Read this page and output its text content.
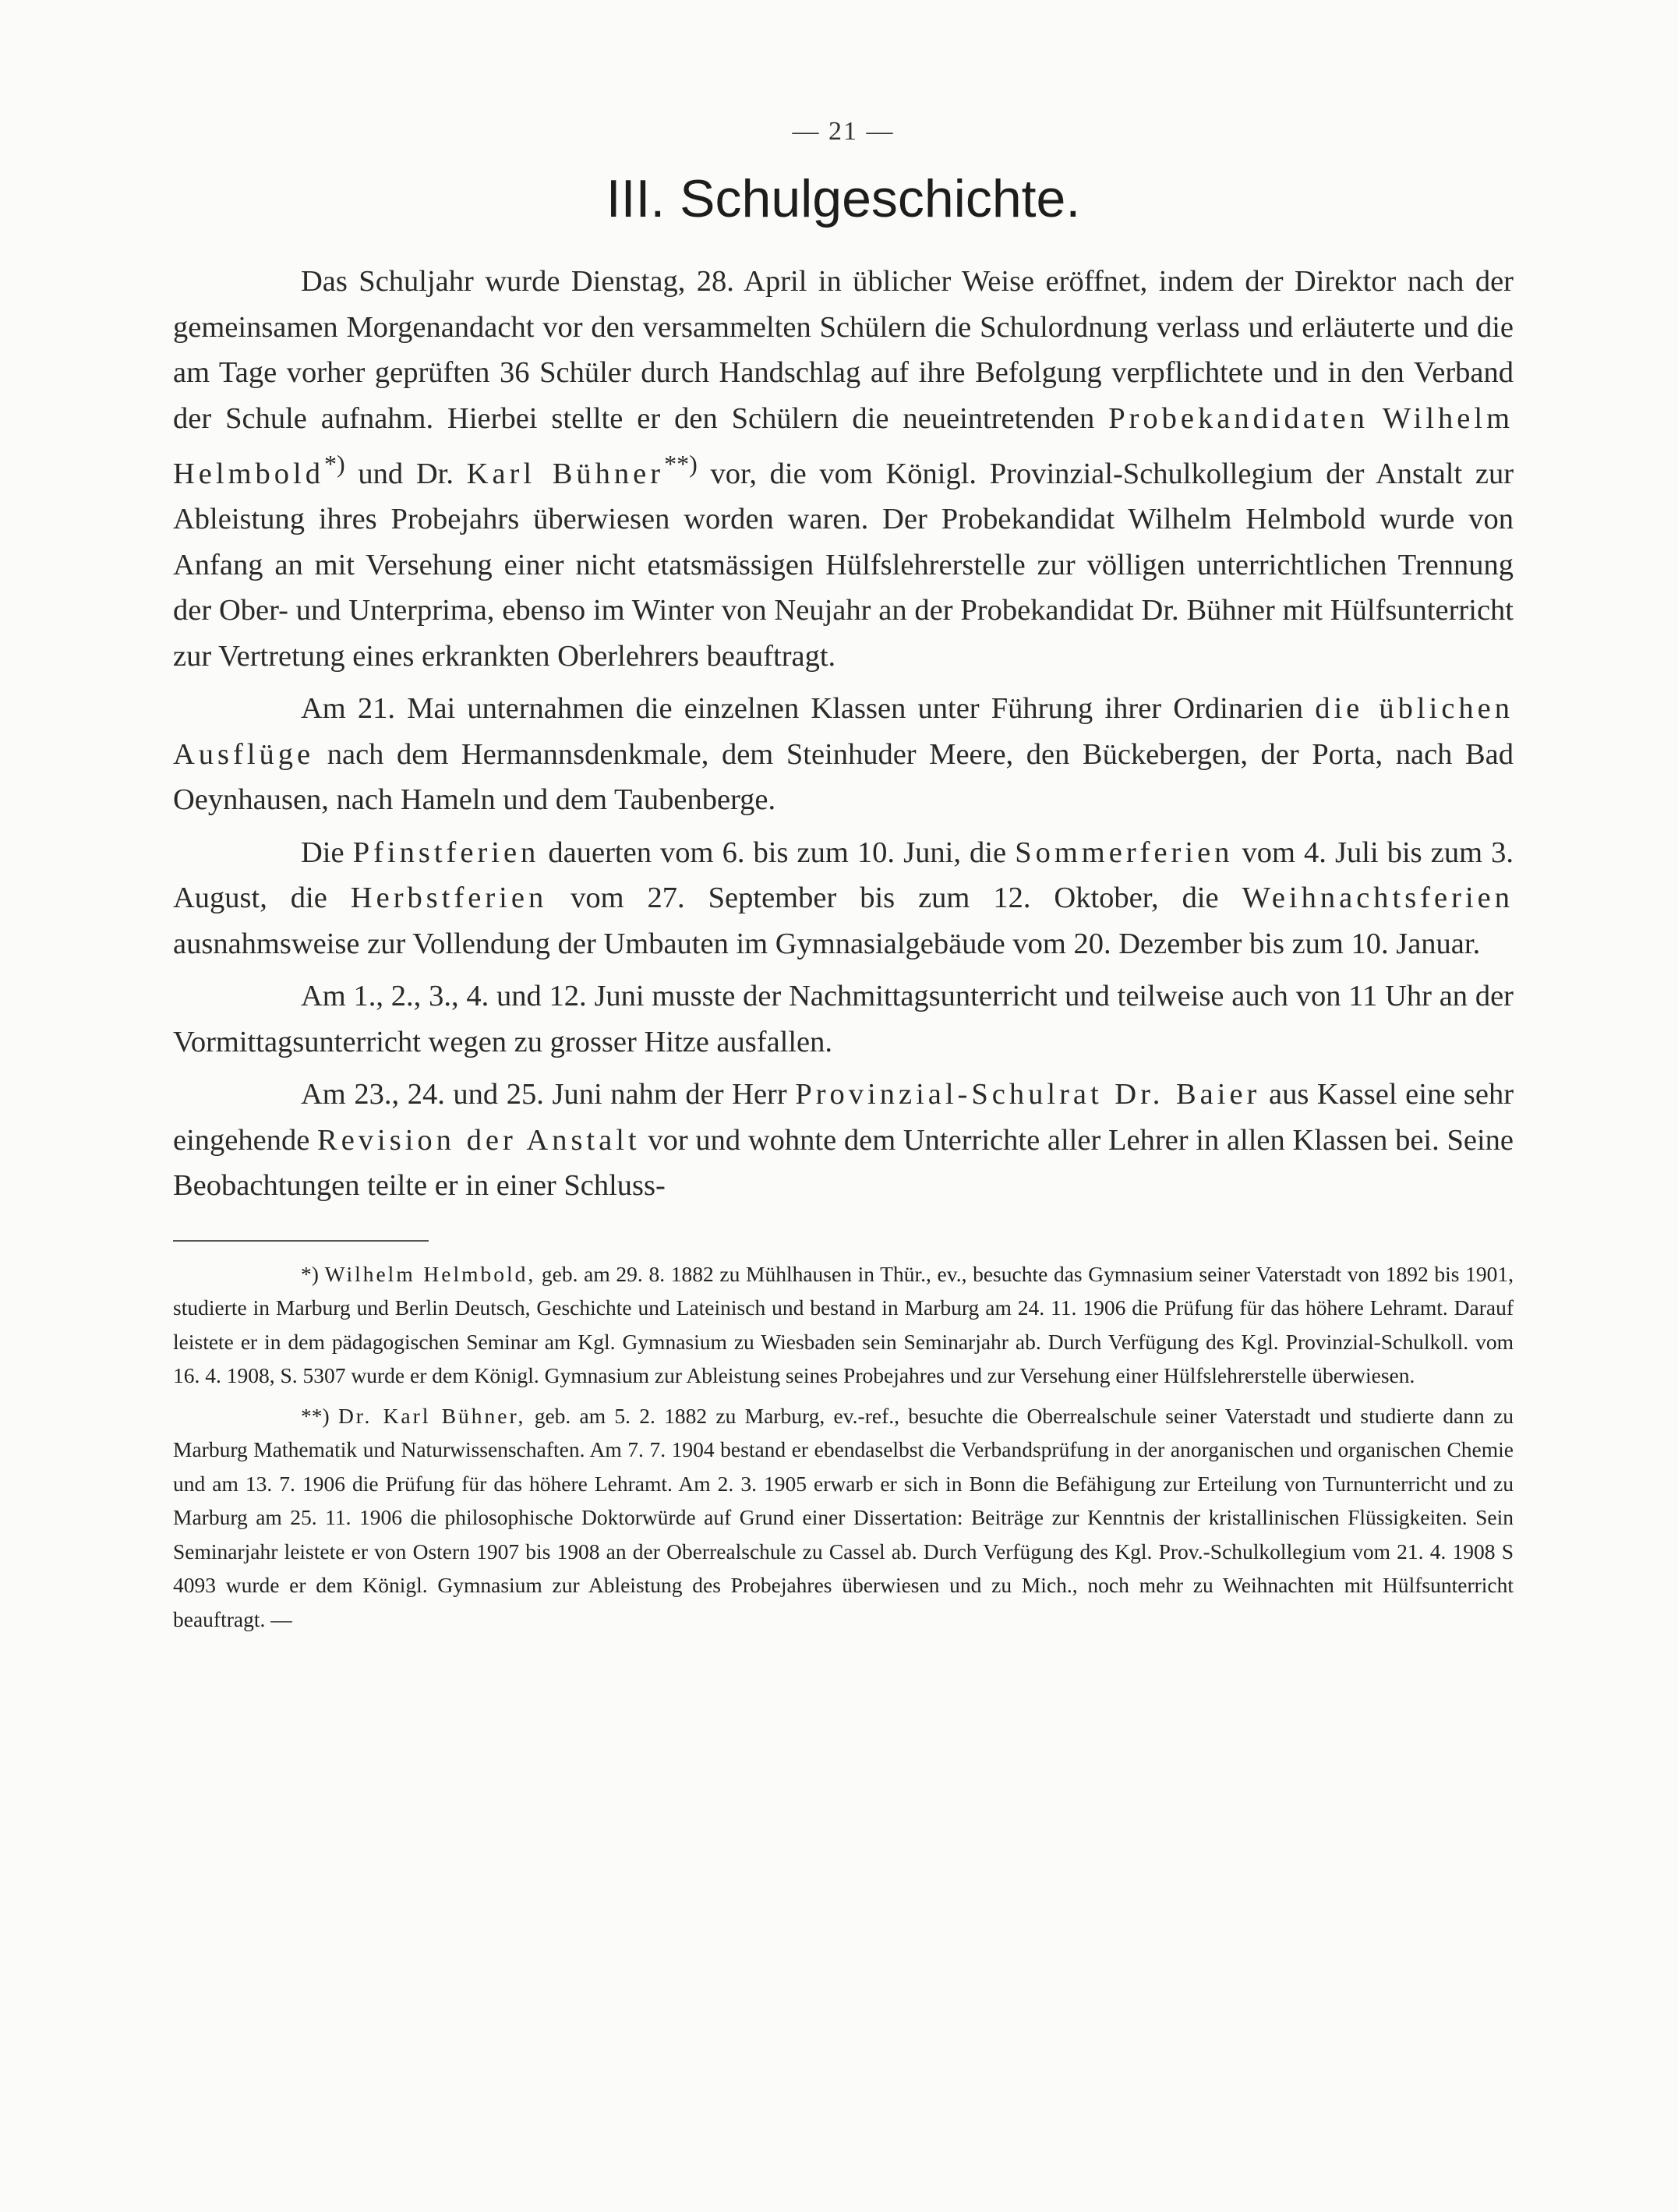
— 21 —
III. Schulgeschichte.

Das Schuljahr wurde Dienstag, 28. April in üblicher Weise eröffnet, indem der Direktor nach der gemeinsamen Morgenandacht vor den versammelten Schülern die Schulordnung verlass und erläuterte und die am Tage vorher geprüften 36 Schüler durch Handschlag auf ihre Befolgung verpflichtete und in den Verband der Schule aufnahm. Hierbei stellte er den Schülern die neueintretenden Probekandidaten Wilhelm Helmbold*) und Dr. Karl Bühner**) vor, die vom Königl. Provinzial-Schulkollegium der Anstalt zur Ableistung ihres Probejahrs überwiesen worden waren. Der Probekandidat Wilhelm Helmbold wurde von Anfang an mit Versehung einer nicht etatsmässigen Hülfslehrerstelle zur völligen unterrichtlichen Trennung der Ober- und Unterprima, ebenso im Winter von Neujahr an der Probekandidat Dr. Bühner mit Hülfsunterricht zur Vertretung eines erkrankten Oberlehrers beauftragt.

Am 21. Mai unternahmen die einzelnen Klassen unter Führung ihrer Ordinarien die üblichen Ausflüge nach dem Hermannsdenkmale, dem Steinhuder Meere, den Bückebergen, der Porta, nach Bad Oeynhausen, nach Hameln und dem Taubenberge.

Die Pfinstferien dauerten vom 6. bis zum 10. Juni, die Sommerferien vom 4. Juli bis zum 3. August, die Herbstferien vom 27. September bis zum 12. Oktober, die Weihnachtsferien ausnahmsweise zur Vollendung der Umbauten im Gymnasialgebäude vom 20. Dezember bis zum 10. Januar.

Am 1., 2., 3., 4. und 12. Juni musste der Nachmittagsunterricht und teilweise auch von 11 Uhr an der Vormittagsunterricht wegen zu grosser Hitze ausfallen.

Am 23., 24. und 25. Juni nahm der Herr Provinzial-Schulrat Dr. Baier aus Kassel eine sehr eingehende Revision der Anstalt vor und wohnte dem Unterrichte aller Lehrer in allen Klassen bei. Seine Beobachtungen teilte er in einer Schluss-

*) Wilhelm Helmbold, geb. am 29. 8. 1882 zu Mühlhausen in Thür., ev., besuchte das Gymnasium seiner Vaterstadt von 1892 bis 1901, studierte in Marburg und Berlin Deutsch, Geschichte und Lateinisch und bestand in Marburg am 24. 11. 1906 die Prüfung für das höhere Lehramt. Darauf leistete er in dem pädagogischen Seminar am Kgl. Gymnasium zu Wiesbaden sein Seminarjahr ab. Durch Verfügung des Kgl. Provinzial-Schulkoll. vom 16. 4. 1908, S. 5307 wurde er dem Königl. Gymnasium zur Ableistung seines Probejahres und zur Versehung einer Hülfslehrerstelle überwiesen.

**) Dr. Karl Bühner, geb. am 5. 2. 1882 zu Marburg, ev.-ref., besuchte die Oberrealschule seiner Vaterstadt und studierte dann zu Marburg Mathematik und Naturwissenschaften. Am 7. 7. 1904 bestand er ebendaselbst die Verbandsprüfung in der anorganischen und organischen Chemie und am 13. 7. 1906 die Prüfung für das höhere Lehramt. Am 2. 3. 1905 erwarb er sich in Bonn die Befähigung zur Erteilung von Turnunterricht und zu Marburg am 25. 11. 1906 die philosophische Doktorwürde auf Grund einer Dissertation: Beiträge zur Kenntnis der kristallinischen Flüssigkeiten. Sein Seminarjahr leistete er von Ostern 1907 bis 1908 an der Oberrealschule zu Cassel ab. Durch Verfügung des Kgl. Prov.-Schulkollegium vom 21. 4. 1908 S 4093 wurde er dem Königl. Gymnasium zur Ableistung des Probejahres überwiesen und zu Mich., noch mehr zu Weihnachten mit Hülfsunterricht beauftragt. —
